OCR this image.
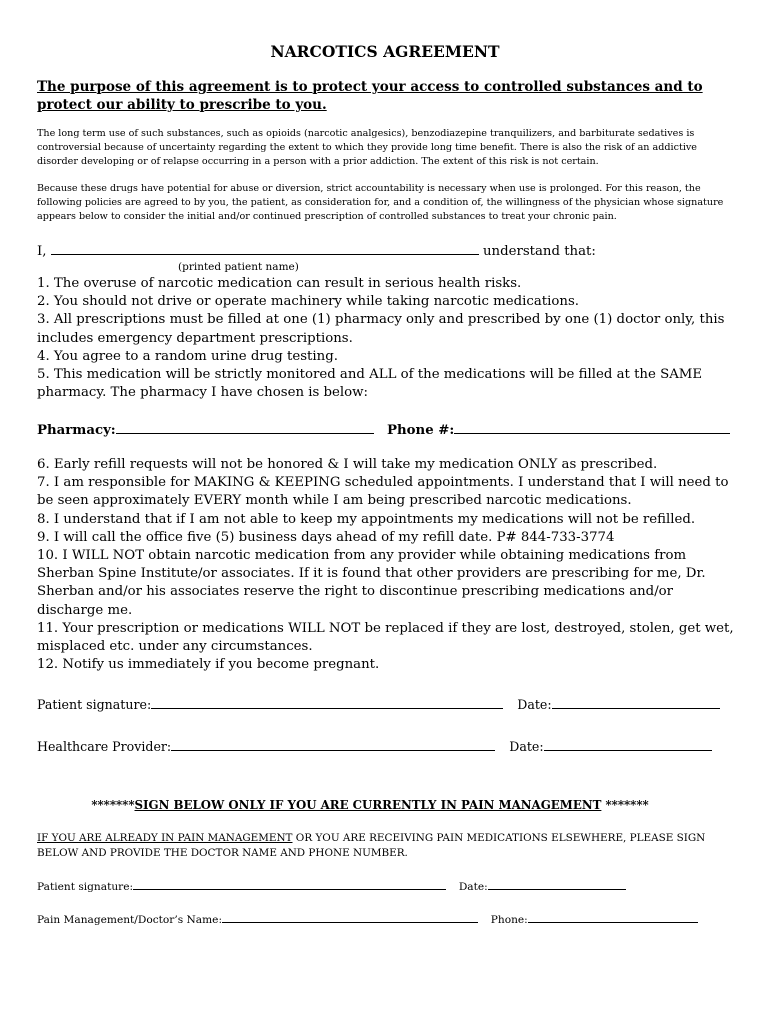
NARCOTICS AGREEMENT
The purpose of this agreement is to protect your access to controlled substances and to protect our ability to prescribe to you.
The long term use of such substances, such as opioids (narcotic analgesics), benzodiazepine tranquilizers, and barbiturate sedatives is controversial because of uncertainty regarding the extent to which they provide long time benefit. There is also the risk of an addictive disorder developing or of relapse occurring in a person with a prior addiction. The extent of this risk is not certain.
Because these drugs have potential for abuse or diversion, strict accountability is necessary when use is prolonged. For this reason, the following policies are agreed to by you, the patient, as consideration for, and a condition of, the willingness of the physician whose signature appears below to consider the initial and/or continued prescription of controlled substances to treat your chronic pain.
I,	understand that:
(printed patient name)

1. The overuse of narcotic medication can result in serious health risks.

2. You should not drive or operate machinery while taking narcotic medications.

3. All prescriptions must be filled at one (1) pharmacy only and prescribed by one (1) doctor only, this includes emergency department prescriptions.

4. You agree to a random urine drug testing.

5. This medication will be strictly monitored and ALL of the medications will be filled at the SAME pharmacy. The pharmacy I have chosen is below:

Pharmacy:	Phone #:

6. Early refill requests will not be honored & I will take my medication ONLY as prescribed.

7. I am responsible for MAKING & KEEPING scheduled appointments. I understand that I will need to be seen approximately EVERY month while I am being prescribed narcotic medications.

8. I understand that if I am not able to keep my appointments my medications will not be refilled.

9. I will call the office five (5) business days ahead of my refill date. P# 844-733-3774

10. I WILL NOT obtain narcotic medication from any provider while obtaining medications from Sherban Spine Institute/or associates. If it is found that other providers are prescribing for me, Dr. Sherban and/or his associates reserve the right to discontinue prescribing medications and/or discharge me.

11. Your prescription or medications WILL NOT be replaced if they are lost, destroyed, stolen, get wet, misplaced etc. under any circumstances.

12. Notify us immediately if you become pregnant.

Patient signature:	Date:
Healthcare Provider:	Date:
*******SIGN BELOW ONLY IF YOU ARE CURRENTLY IN PAIN MANAGEMENT *******
IF YOU ARE ALREADY IN PAIN MANAGEMENT OR YOU ARE RECEIVING PAIN MEDICATIONS ELSEWHERE, PLEASE SIGN BELOW AND PROVIDE THE DOCTOR NAME AND PHONE NUMBER.
Patient signature:	Date:
Pain Management/Doctor’s Name:	Phone:
